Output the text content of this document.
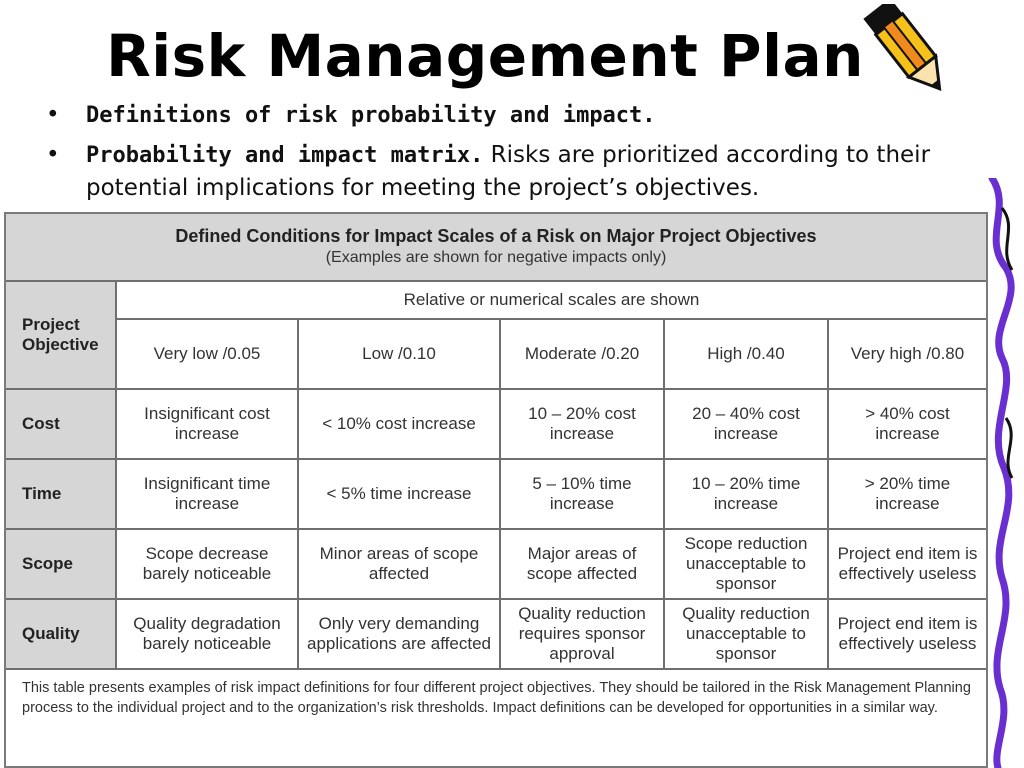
Risk Management Plan
• Definitions of risk probability and impact.
• Probability and impact matrix. Risks are prioritized according to their potential implications for meeting the project’s objectives.
Defined Conditions for Impact Scales of a Risk on Major Project Objectives
(Examples are shown for negative impacts only)
Project Objective	Relative or numerical scales are shown				
	Very low /0.05	Low /0.10	Moderate /0.20	High /0.40	Very high /0.80
Cost	Insignificant cost increase	< 10% cost increase	10 – 20% cost increase	20 – 40% cost increase	> 40% cost increase
Time	Insignificant time increase	< 5% time increase	5 – 10% time increase	10 – 20% time increase	> 20% time increase
Scope	Scope decrease barely noticeable	Minor areas of scope affected	Major areas of scope affected	Scope reduction unacceptable to sponsor	Project end item is effectively useless
Quality	Quality degradation barely noticeable	Only very demanding applications are affected	Quality reduction requires sponsor approval	Quality reduction unacceptable to sponsor	Project end item is effectively useless
This table presents examples of risk impact definitions for four different project objectives. They should be tailored in the Risk Management Planning process to the individual project and to the organization’s risk thresholds. Impact definitions can be developed for opportunities in a similar way.
